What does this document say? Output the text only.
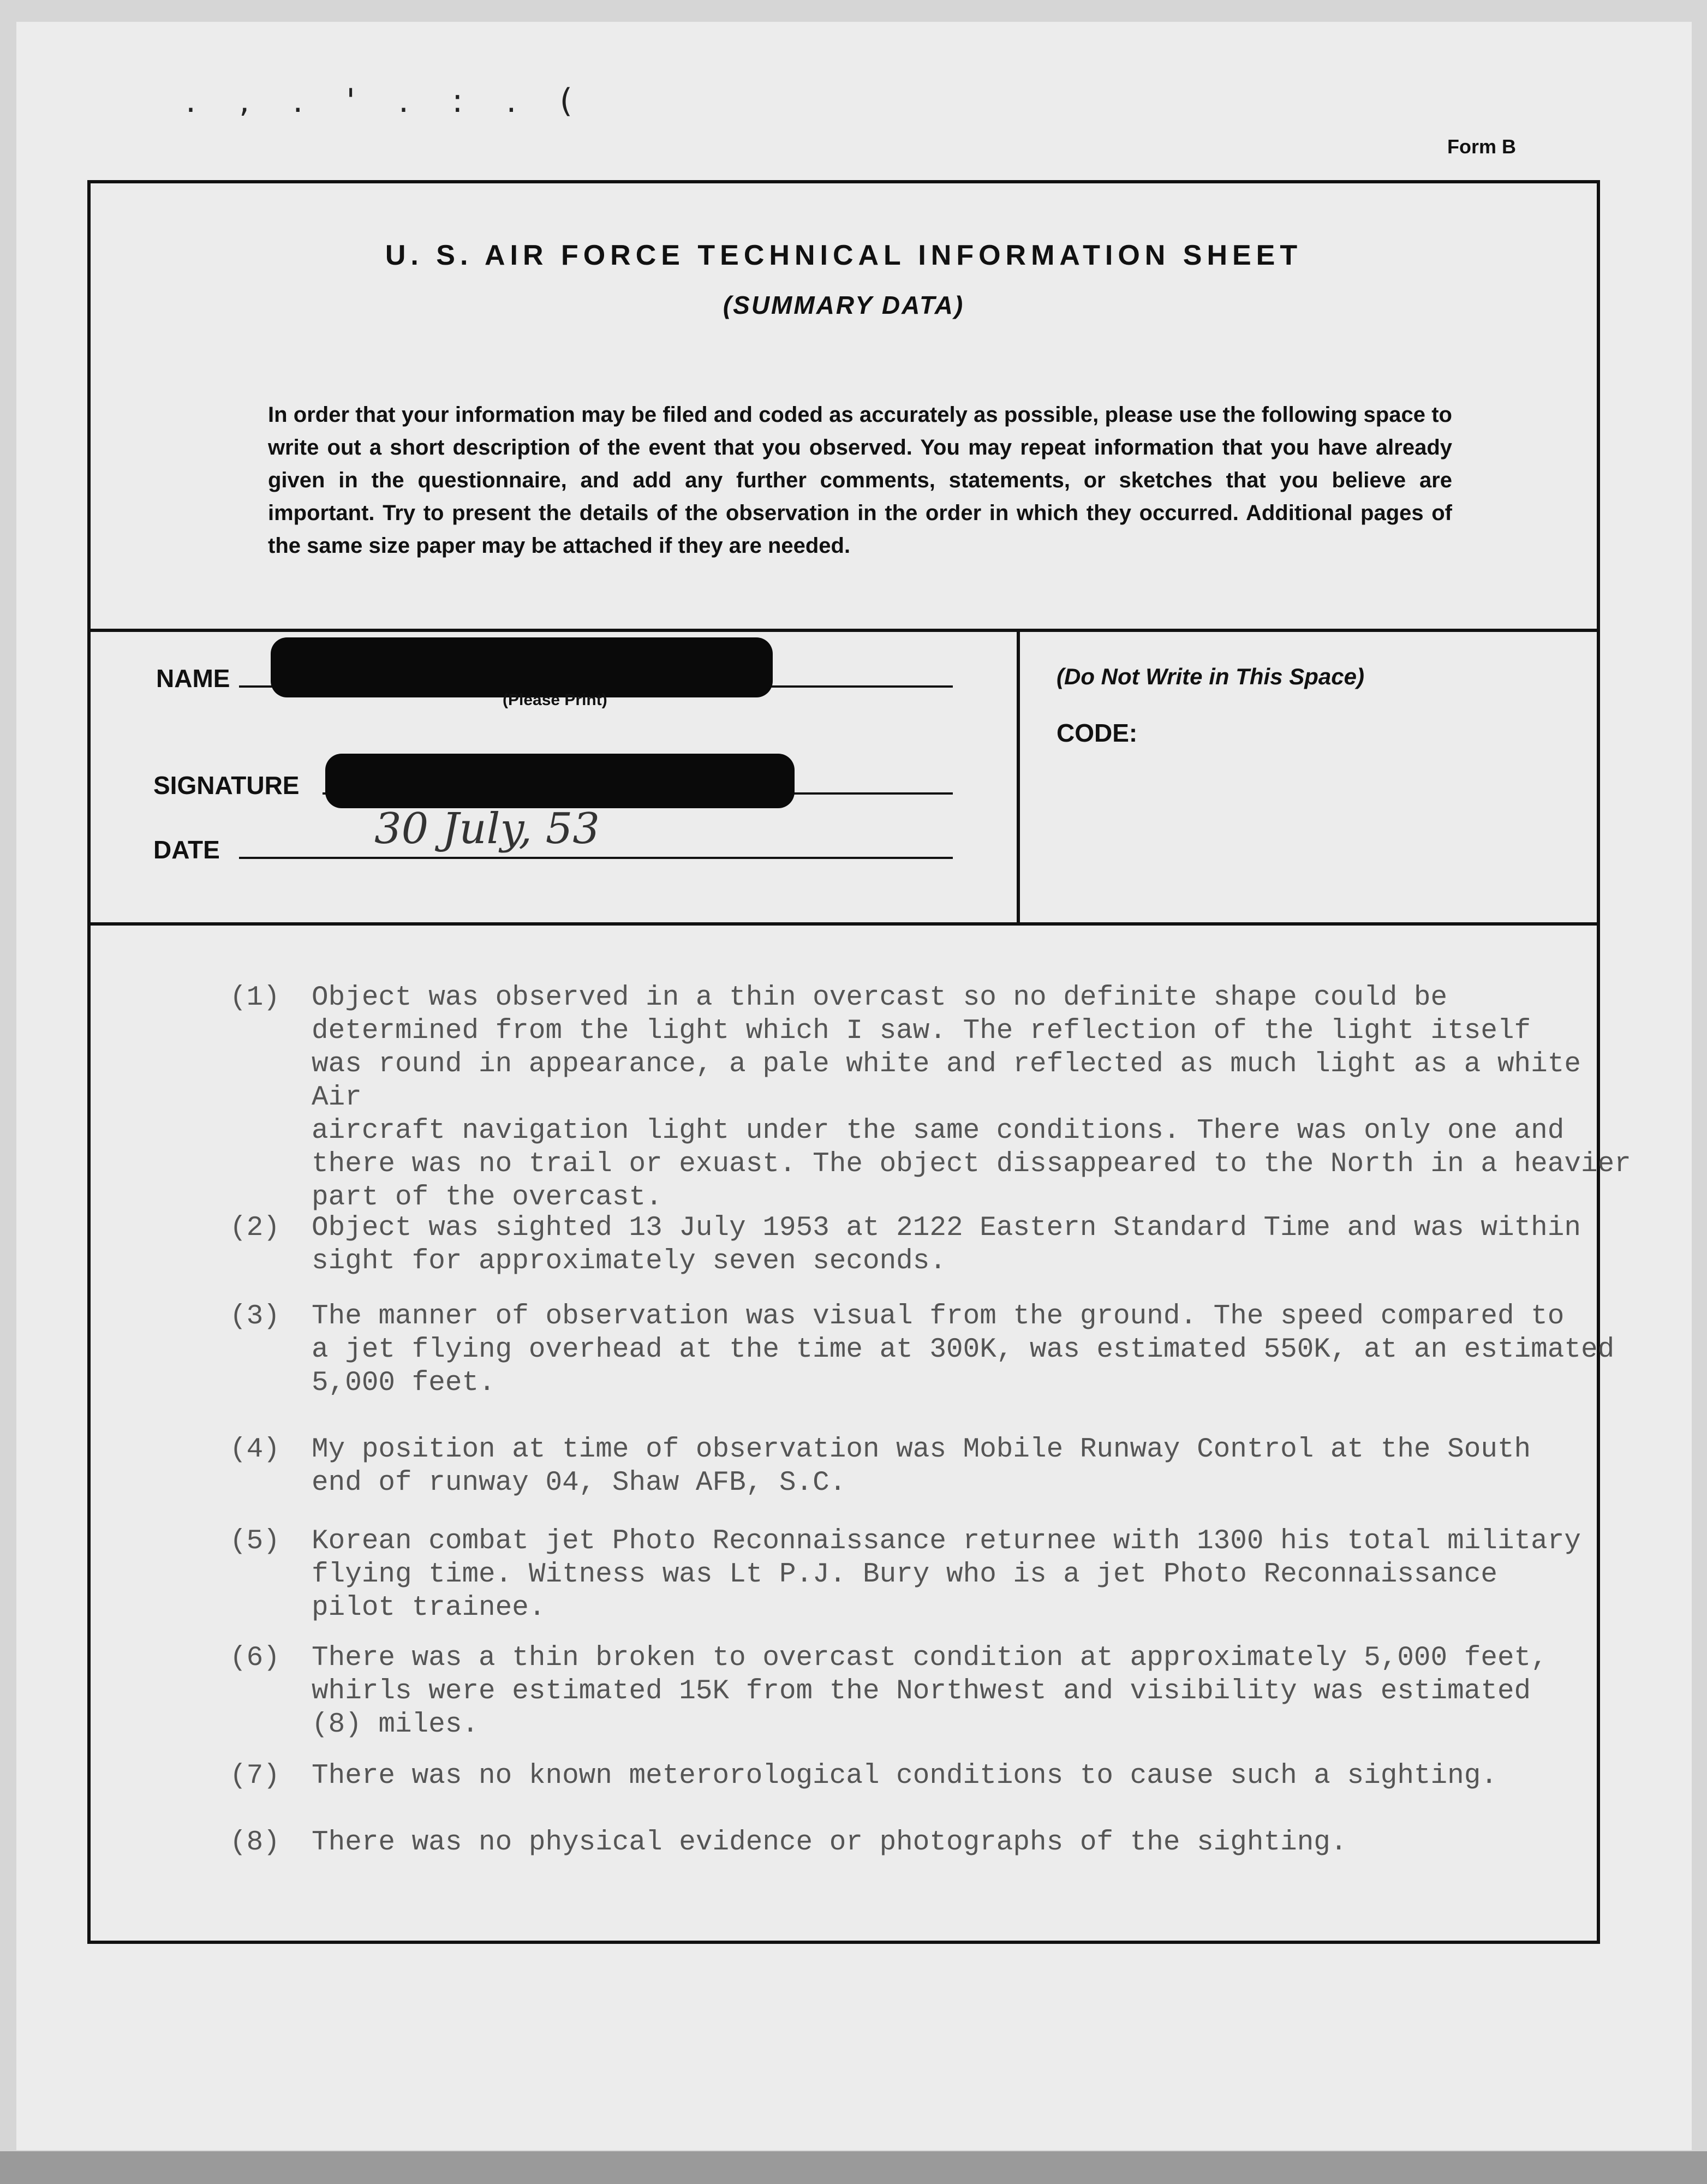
. , . ' . : . (
Form B
U. S. AIR FORCE TECHNICAL INFORMATION SHEET
(SUMMARY DATA)
In order that your information may be filed and coded as accurately as possible, please use the following space to write out a short description of the event that you observed. You may repeat information that you have already given in the questionnaire, and add any further comments, statements, or sketches that you believe are important. Try to present the details of the observation in the order in which they occurred. Additional pages of the same size paper may be attached if they are needed.
NAME
(Please Print)
SIGNATURE
DATE	30 July, 53
(Do Not Write in This Space)
CODE:
(1) Object was observed in a thin overcast so no definite shape could be
determined from the light which I saw. The reflection of the light itself
was round in appearance, a pale white and reflected as much light as a white Air
aircraft navigation light under the same conditions. There was only one and
there was no trail or exuast. The object dissappeared to the North in a heavier
part of the overcast.
(2) Object was sighted 13 July 1953 at 2122 Eastern Standard Time and was within
sight for approximately seven seconds.
(3) The manner of observation was visual from the ground. The speed compared to
a jet flying overhead at the time at 300K, was estimated 550K, at an estimated
5,000 feet.
(4) My position at time of observation was Mobile Runway Control at the South
end of runway 04, Shaw AFB, S.C.
(5) Korean combat jet Photo Reconnaissance returnee with 1300 his total military
flying time. Witness was Lt P.J. Bury who is a jet Photo Reconnaissance
pilot trainee.
(6) There was a thin broken to overcast condition at approximately 5,000 feet,
whirls were estimated 15K from the Northwest and visibility was estimated
(8) miles.
(7) There was no known meterorological conditions to cause such a sighting.
(8) There was no physical evidence or photographs of the sighting.
